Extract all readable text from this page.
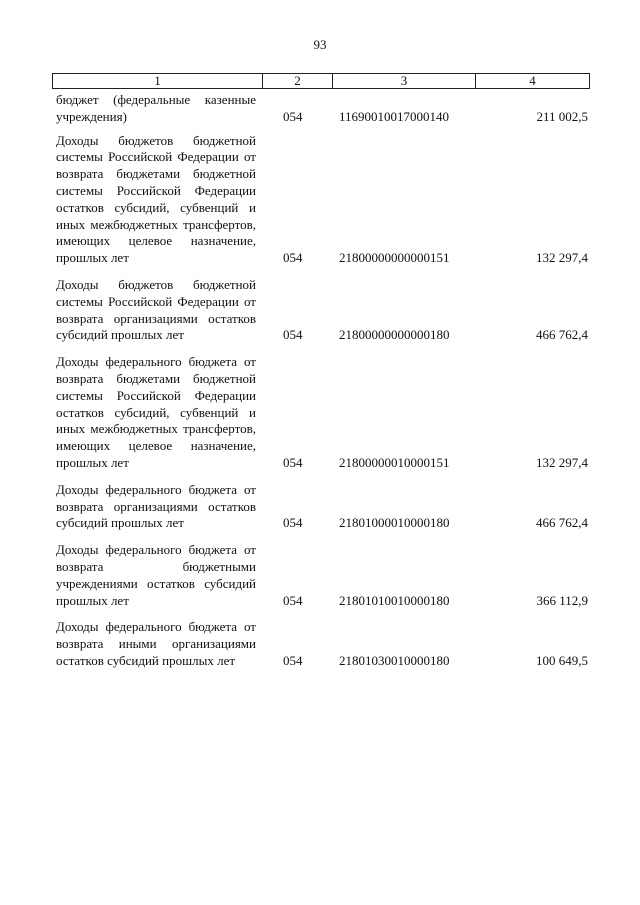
93
1	2	3	4
бюджет (федеральные казенные учреждения)	054	11690010017000140	211 002,5
Доходы бюджетов бюджетной системы Российской Федерации от возврата бюджетами бюджетной системы Российской Федерации остатков субсидий, субвенций и иных межбюджетных трансфертов, имеющих целевое назначение, прошлых лет	054	21800000000000151	132 297,4
Доходы бюджетов бюджетной системы Российской Федерации от возврата организациями остатков субсидий прошлых лет	054	21800000000000180	466 762,4
Доходы федерального бюджета от возврата бюджетами бюджетной системы Российской Федерации остатков субсидий, субвенций и иных межбюджетных трансфертов, имеющих целевое назначение, прошлых лет	054	21800000010000151	132 297,4
Доходы федерального бюджета от возврата организациями остатков субсидий прошлых лет	054	21801000010000180	466 762,4
Доходы федерального бюджета от возврата бюджетными учреждениями остатков субсидий прошлых лет	054	21801010010000180	366 112,9
Доходы федерального бюджета от возврата иными организациями остатков субсидий прошлых лет	054	21801030010000180	100 649,5
